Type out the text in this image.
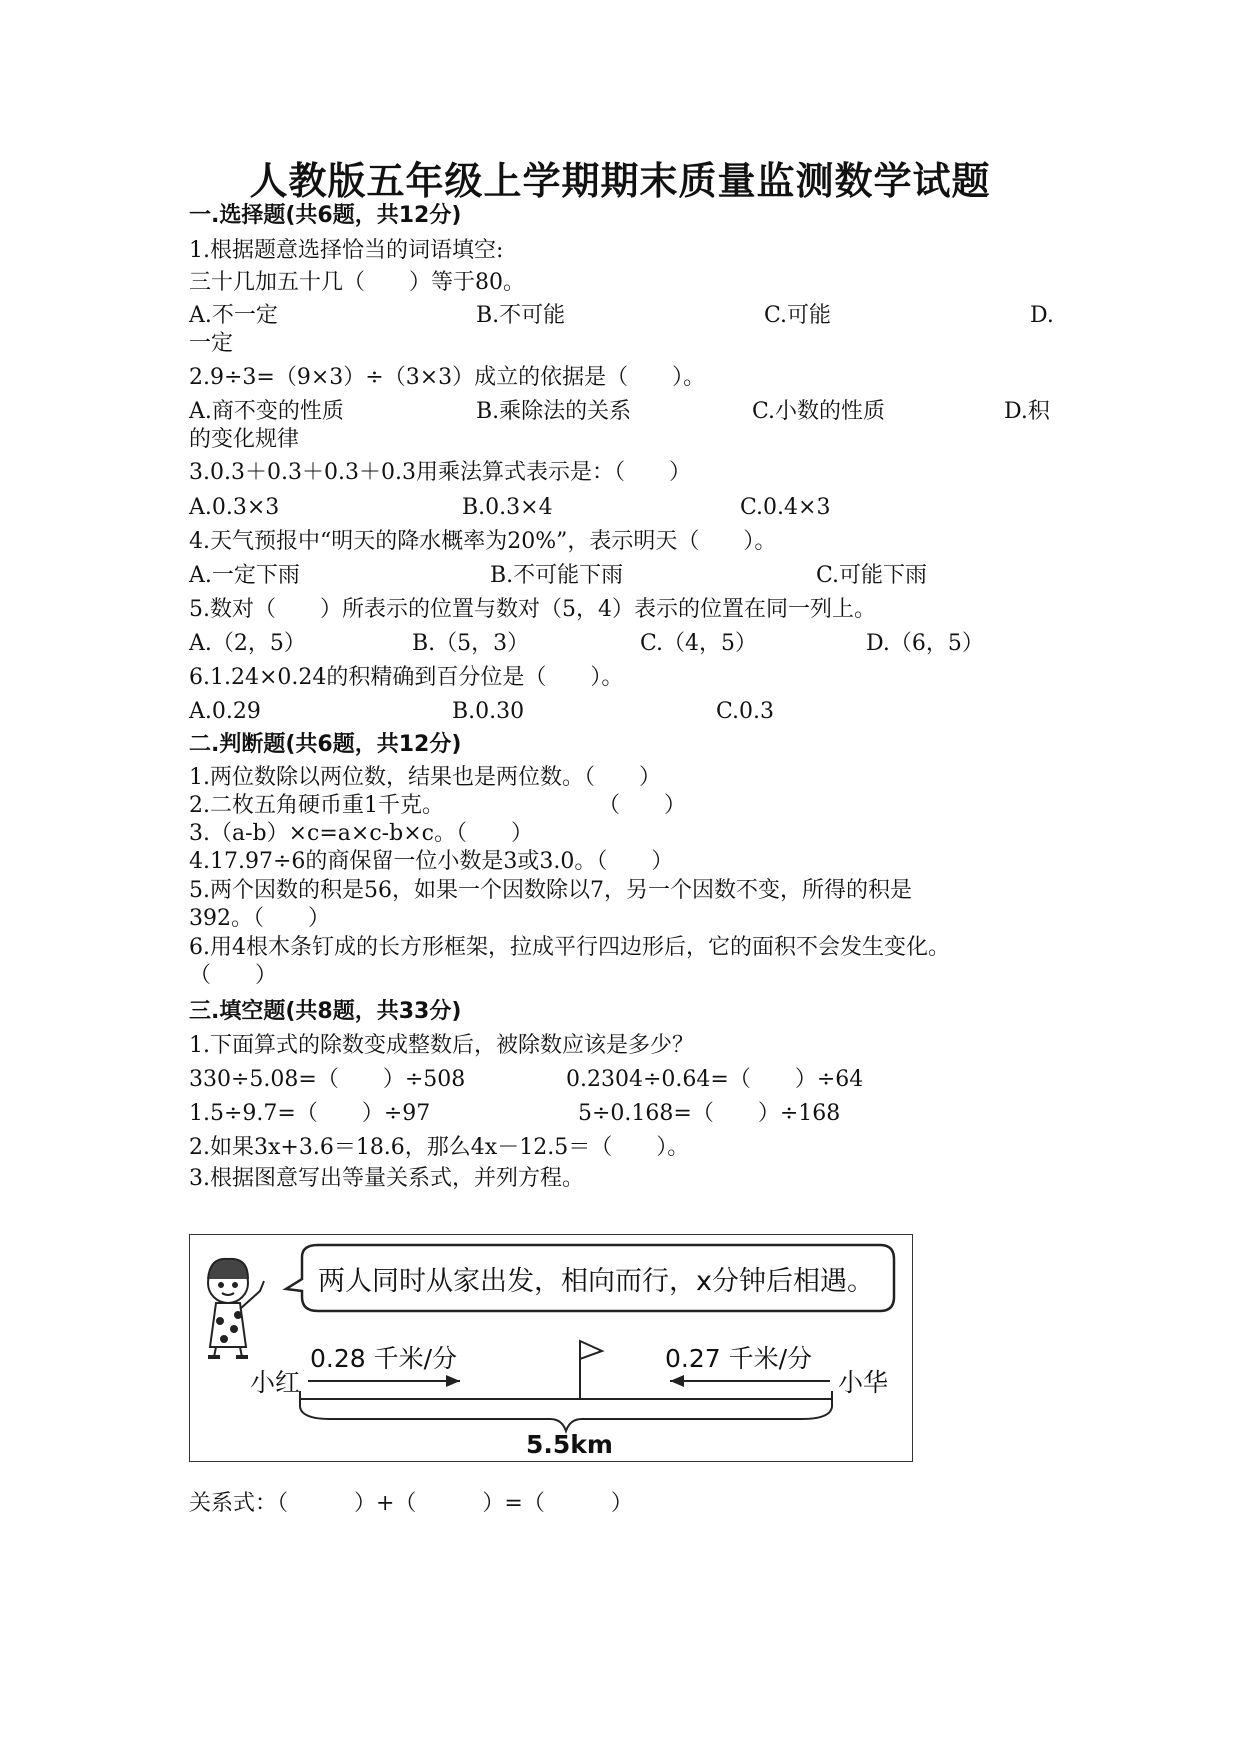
人教版五年级上学期期末质量监测数学试题
一.选择题(共6题，共12分)
1.根据题意选择恰当的词语填空:
三十几加五十几（　　）等于80。
A.不一定	B.不可能	C.可能	D.
一定
2.9÷3=（9×3）÷（3×3）成立的依据是（　　）。
A.商不变的性质	B.乘除法的关系	C.小数的性质	D.积
的变化规律
3.0.3＋0.3＋0.3＋0.3用乘法算式表示是：（　　）
A.0.3×3	B.0.3×4	C.0.4×3
4.天气预报中“明天的降水概率为20%”，表示明天（　　）。
A.一定下雨	B.不可能下雨	C.可能下雨
5.数对（　　）所表示的位置与数对（5，4）表示的位置在同一列上。
A.（2，5）	B.（5，3）	C.（4，5）	D.（6，5）
6.1.24×0.24的积精确到百分位是（　　）。
A.0.29	B.0.30	C.0.3
二.判断题(共6题，共12分)
1.两位数除以两位数，结果也是两位数。（　　）
2.二枚五角硬币重1千克。　　　　　　　　（　　）
3.（a-b）×c=a×c-b×c。（　　）
4.17.97÷6的商保留一位小数是3或3.0。（　　）
5.两个因数的积是56，如果一个因数除以7，另一个因数不变，所得的积是
392。（　　）
6.用4根木条钉成的长方形框架，拉成平行四边形后，它的面积不会发生变化。
（　　）
三.填空题(共8题，共33分)
1.下面算式的除数变成整数后，被除数应该是多少？
330÷5.08=（　　）÷508	0.2304÷0.64=（　　）÷64
1.5÷9.7=（　　）÷97	5÷0.168=（　　）÷168
2.如果3x+3.6＝18.6，那么4x－12.5＝（　　）。
3.根据图意写出等量关系式，并列方程。
两人同时从家出发，相向而行，x分钟后相遇。
0.28 千米/分	0.27 千米/分
小红	小华
5.5km
关系式：（　　　）+（　　　）=（　　　）
